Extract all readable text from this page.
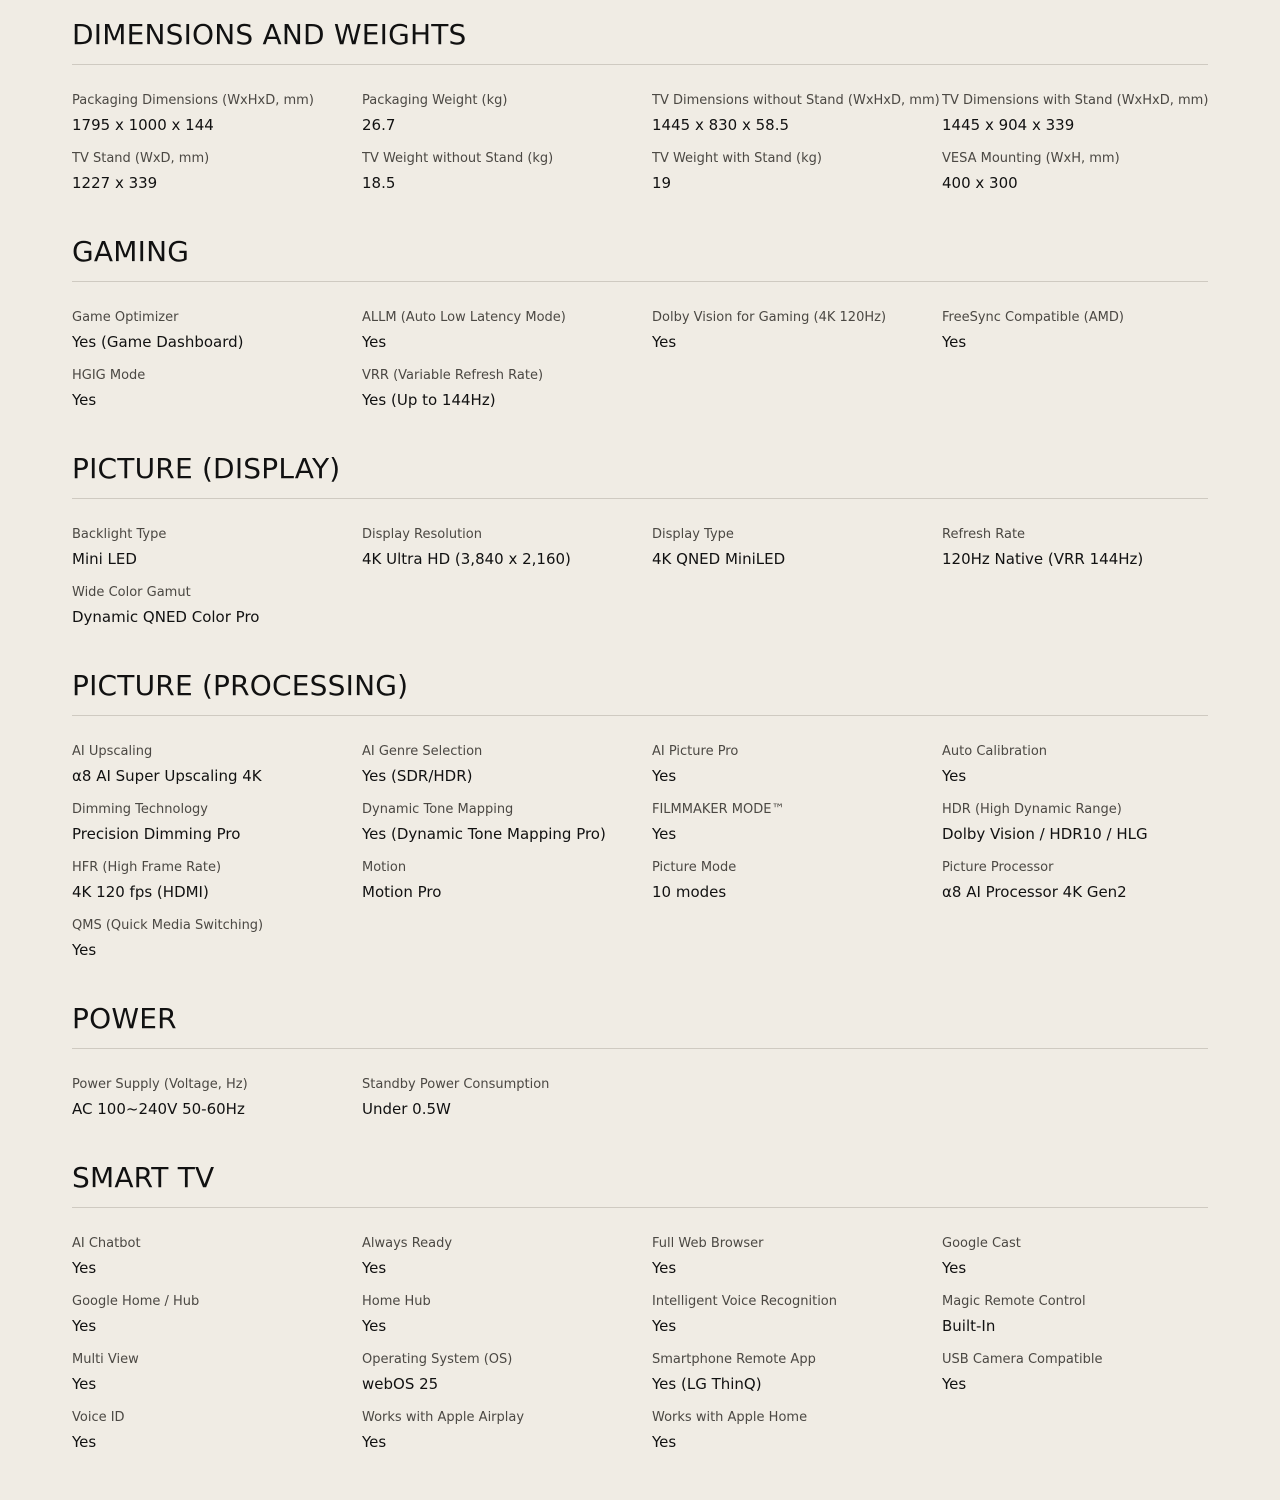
DIMENSIONS AND WEIGHTS
Packaging Dimensions (WxHxD, mm)
1795 x 1000 x 144
Packaging Weight (kg)
26.7
TV Dimensions without Stand (WxHxD, mm)
1445 x 830 x 58.5
TV Dimensions with Stand (WxHxD, mm)
1445 x 904 x 339
TV Stand (WxD, mm)
1227 x 339
TV Weight without Stand (kg)
18.5
TV Weight with Stand (kg)
19
VESA Mounting (WxH, mm)
400 x 300
GAMING
Game Optimizer
Yes (Game Dashboard)
ALLM (Auto Low Latency Mode)
Yes
Dolby Vision for Gaming (4K 120Hz)
Yes
FreeSync Compatible (AMD)
Yes
HGIG Mode
Yes
VRR (Variable Refresh Rate)
Yes (Up to 144Hz)
PICTURE (DISPLAY)
Backlight Type
Mini LED
Display Resolution
4K Ultra HD (3,840 x 2,160)
Display Type
4K QNED MiniLED
Refresh Rate
120Hz Native (VRR 144Hz)
Wide Color Gamut
Dynamic QNED Color Pro
PICTURE (PROCESSING)
AI Upscaling
α8 AI Super Upscaling 4K
AI Genre Selection
Yes (SDR/HDR)
AI Picture Pro
Yes
Auto Calibration
Yes
Dimming Technology
Precision Dimming Pro
Dynamic Tone Mapping
Yes (Dynamic Tone Mapping Pro)
FILMMAKER MODE™
Yes
HDR (High Dynamic Range)
Dolby Vision / HDR10 / HLG
HFR (High Frame Rate)
4K 120 fps (HDMI)
Motion
Motion Pro
Picture Mode
10 modes
Picture Processor
α8 AI Processor 4K Gen2
QMS (Quick Media Switching)
Yes
POWER
Power Supply (Voltage, Hz)
AC 100~240V 50-60Hz
Standby Power Consumption
Under 0.5W
SMART TV
AI Chatbot
Yes
Always Ready
Yes
Full Web Browser
Yes
Google Cast
Yes
Google Home / Hub
Yes
Home Hub
Yes
Intelligent Voice Recognition
Yes
Magic Remote Control
Built-In
Multi View
Yes
Operating System (OS)
webOS 25
Smartphone Remote App
Yes (LG ThinQ)
USB Camera Compatible
Yes
Voice ID
Yes
Works with Apple Airplay
Yes
Works with Apple Home
Yes
